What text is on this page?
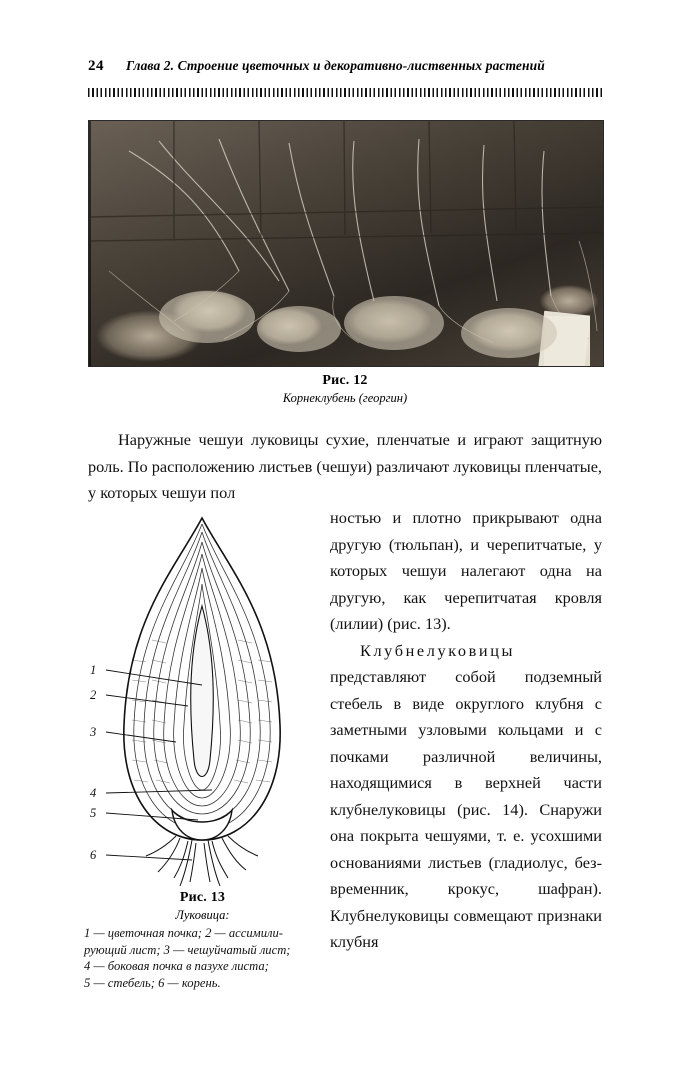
24 Глава 2. Строение цветочных и декоративно-лиственных растений
Рис. 12
Корнеклубень (георгин)
Наружные чешуи луковицы сухие, пленчатые и играют защитную роль. По расположению листьев (чешуи) различают луковицы пленчатые, у которых чешуи пол

ностью и плотно прикрывают одна другую (тюльпан), и черепитчатые, у которых чешуи налегают одна на другую, как черепитчатая кровля (лилии) (рис. 13).

Клубнелуковицы

представляют собой подземный стебель в виде округлого клубня с заметными узловыми кольцами и с почками различной величины, находящимися в верхней части клубнелуковицы (рис. 14). Снаружи она покрыта чешуями, т. е. усохшими основаниями листьев (гладиолус, безвременник, крокус, шафран). Клубнелуковицы совмещают признаки клубня

1
2
3
4
5
6
Рис. 13
Луковица:
1 — цветочная почка; 2 — ассимили-
рующий лист; 3 — чешуйчатый лист;
4 — боковая почка в пазухе листа;
5 — стебель; 6 — корень.
